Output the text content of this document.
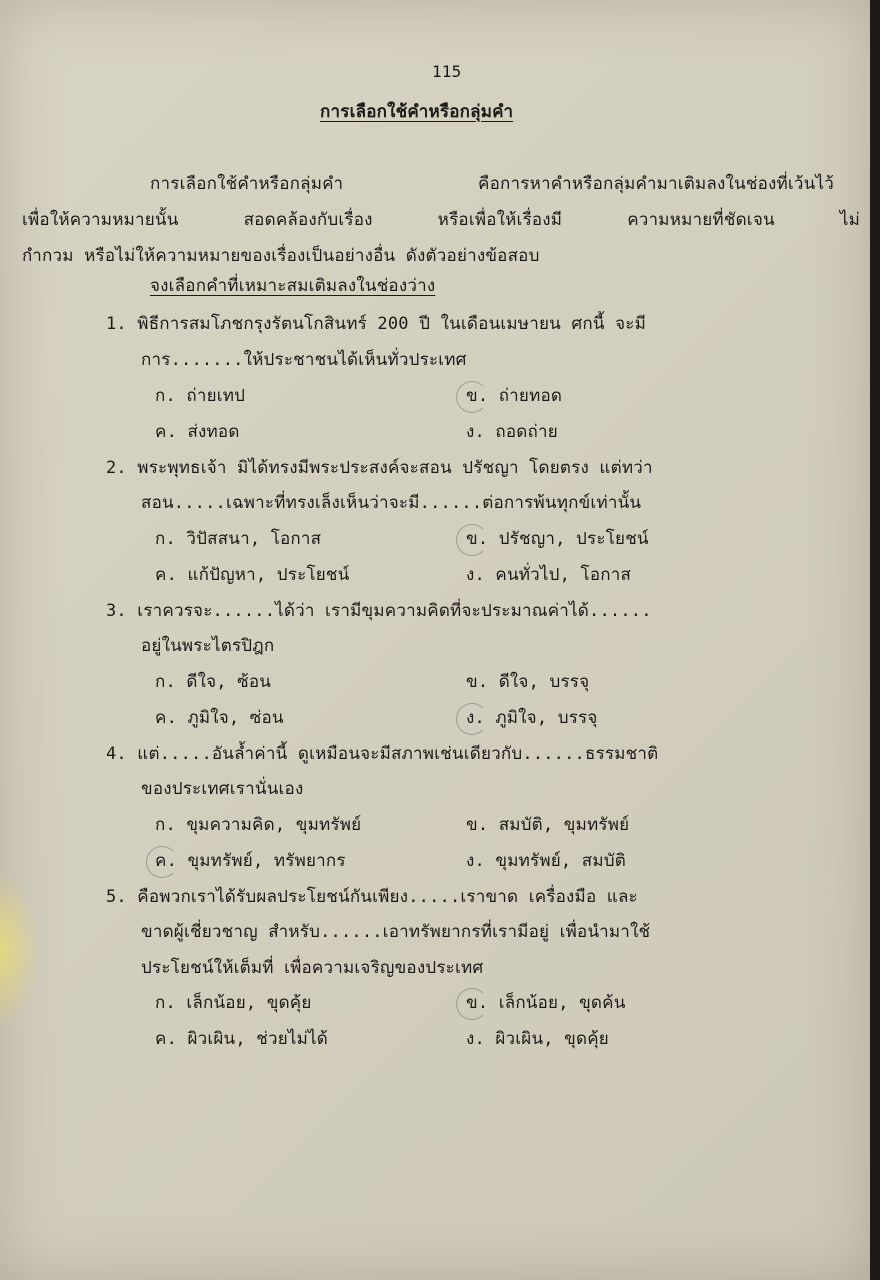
115
การเลือกใช้คำหรือกลุ่มคำ
การเลือกใช้คำหรือกลุ่มคำ คือการหาคำหรือกลุ่มคำมาเติมลงในช่องที่เว้นไว้
เพื่อให้ความหมายนั้น สอดคล้องกับเรื่อง หรือเพื่อให้เรื่องมี ความหมายที่ชัดเจน ไม่
กำกวม หรือไม่ให้ความหมายของเรื่องเป็นอย่างอื่น ดังตัวอย่างข้อสอบ
จงเลือกคำที่เหมาะสมเติมลงในช่องว่าง
1. พิธีการสมโภชกรุงรัตนโกสินทร์ 200 ปี ในเดือนเมษายน ศกนี้ จะมี
การ.......ให้ประชาชนได้เห็นทั่วประเทศ
ก. ถ่ายเทป	ข. ถ่ายทอด
ค. ส่งทอด	ง. ถอดถ่าย
2. พระพุทธเจ้า มิได้ทรงมีพระประสงค์จะสอน ปรัชญา โดยตรง แต่ทว่า
สอน.....เฉพาะที่ทรงเล็งเห็นว่าจะมี......ต่อการพ้นทุกข์เท่านั้น
ก. วิปัสสนา, โอกาส	ข. ปรัชญา, ประโยชน์
ค. แก้ปัญหา, ประโยชน์	ง. คนทั่วไป, โอกาส
3. เราควรจะ......ได้ว่า เรามีขุมความคิดที่จะประมาณค่าได้......
อยู่ในพระไตรปิฎก
ก. ดีใจ, ซ้อน	ข. ดีใจ, บรรจุ
ค. ภูมิใจ, ซ่อน	ง. ภูมิใจ, บรรจุ
4. แต่.....อันล้ำค่านี้ ดูเหมือนจะมีสภาพเช่นเดียวกับ......ธรรมชาติ
ของประเทศเรานั่นเอง
ก. ขุมความคิด, ขุมทรัพย์	ข. สมบัติ, ขุมทรัพย์
ค. ขุมทรัพย์, ทรัพยากร	ง. ขุมทรัพย์, สมบัติ
5. คือพวกเราได้รับผลประโยชน์กันเพียง.....เราขาด เครื่องมือ และ
ขาดผู้เชี่ยวชาญ สำหรับ......เอาทรัพยากรที่เรามีอยู่ เพื่อนำมาใช้
ประโยชน์ให้เต็มที่ เพื่อความเจริญของประเทศ
ก. เล็กน้อย, ขุดคุ้ย	ข. เล็กน้อย, ขุดค้น
ค. ผิวเผิน, ช่วยไม่ได้	ง. ผิวเผิน, ขุดคุ้ย
